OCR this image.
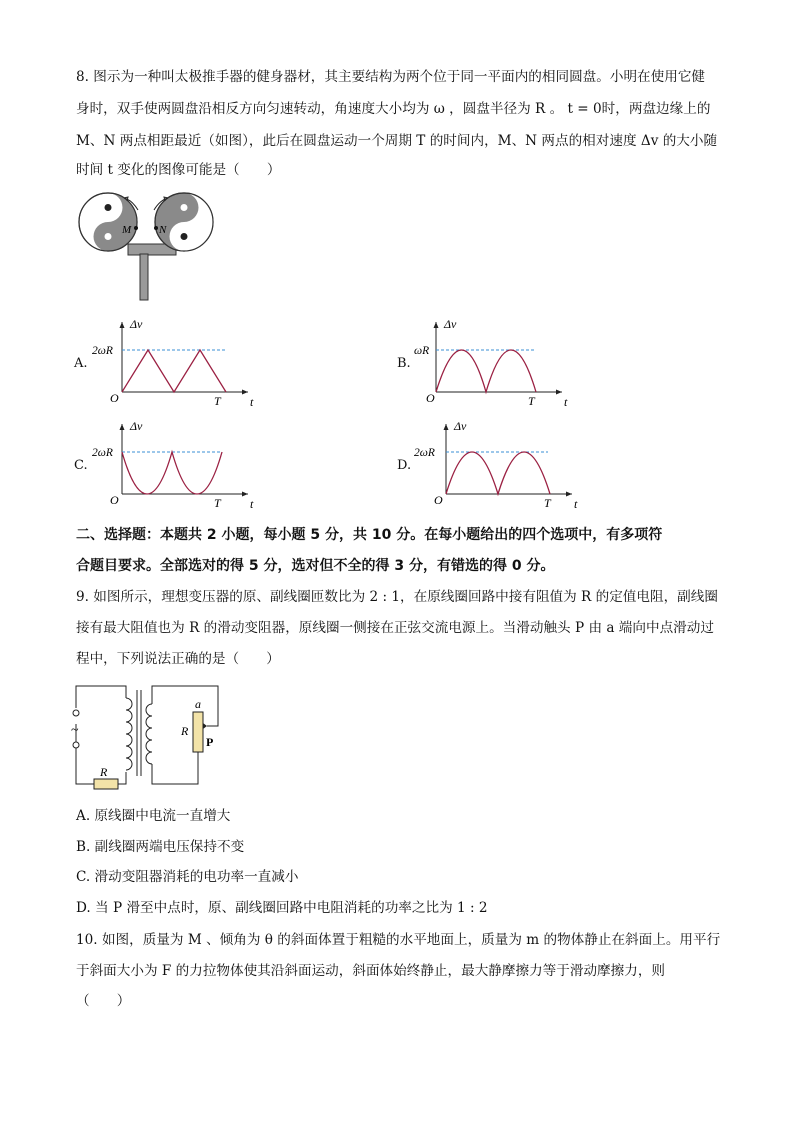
8. 图示为一种叫太极推手器的健身器材，其主要结构为两个位于同一平面内的相同圆盘。小明在使用它健
身时，双手使两圆盘沿相反方向匀速转动，角速度大小均为 ω ，圆盘半径为 R 。 t = 0时，两盘边缘上的
M、N 两点相距最近（如图），此后在圆盘运动一个周期 T 的时间内，M、N 两点的相对速度 Δv 的大小随
时间 t 变化的图像可能是（　　）
M	N
A.
Δv
O	t
T
2ωR
B.
Δv
O	t
T
ωR
C.
Δv
O	t
T
2ωR
D.
Δv
O	t
T
2ωR
二、选择题：本题共 2 小题，每小题 5 分，共 10 分。在每小题给出的四个选项中，有多项符
合题目要求。全部选对的得 5 分，选对但不全的得 3 分，有错选的得 0 分。
9. 如图所示，理想变压器的原、副线圈匝数比为 2 : 1，在原线圈回路中接有阻值为 R 的定值电阻，副线圈
接有最大阻值也为 R 的滑动变阻器，原线圈一侧接在正弦交流电源上。当滑动触头 P 由 a 端向中点滑动过
程中，下列说法正确的是（　　）
~
R
R
a
P
A. 原线圈中电流一直增大
B. 副线圈两端电压保持不变
C. 滑动变阻器消耗的电功率一直减小
D. 当 P 滑至中点时，原、副线圈回路中电阻消耗的功率之比为 1 : 2
10. 如图，质量为 M 、倾角为 θ 的斜面体置于粗糙的水平地面上，质量为 m 的物体静止在斜面上。用平行
于斜面大小为 F 的力拉物体使其沿斜面运动，斜面体始终静止，最大静摩擦力等于滑动摩擦力，则
（　　）
